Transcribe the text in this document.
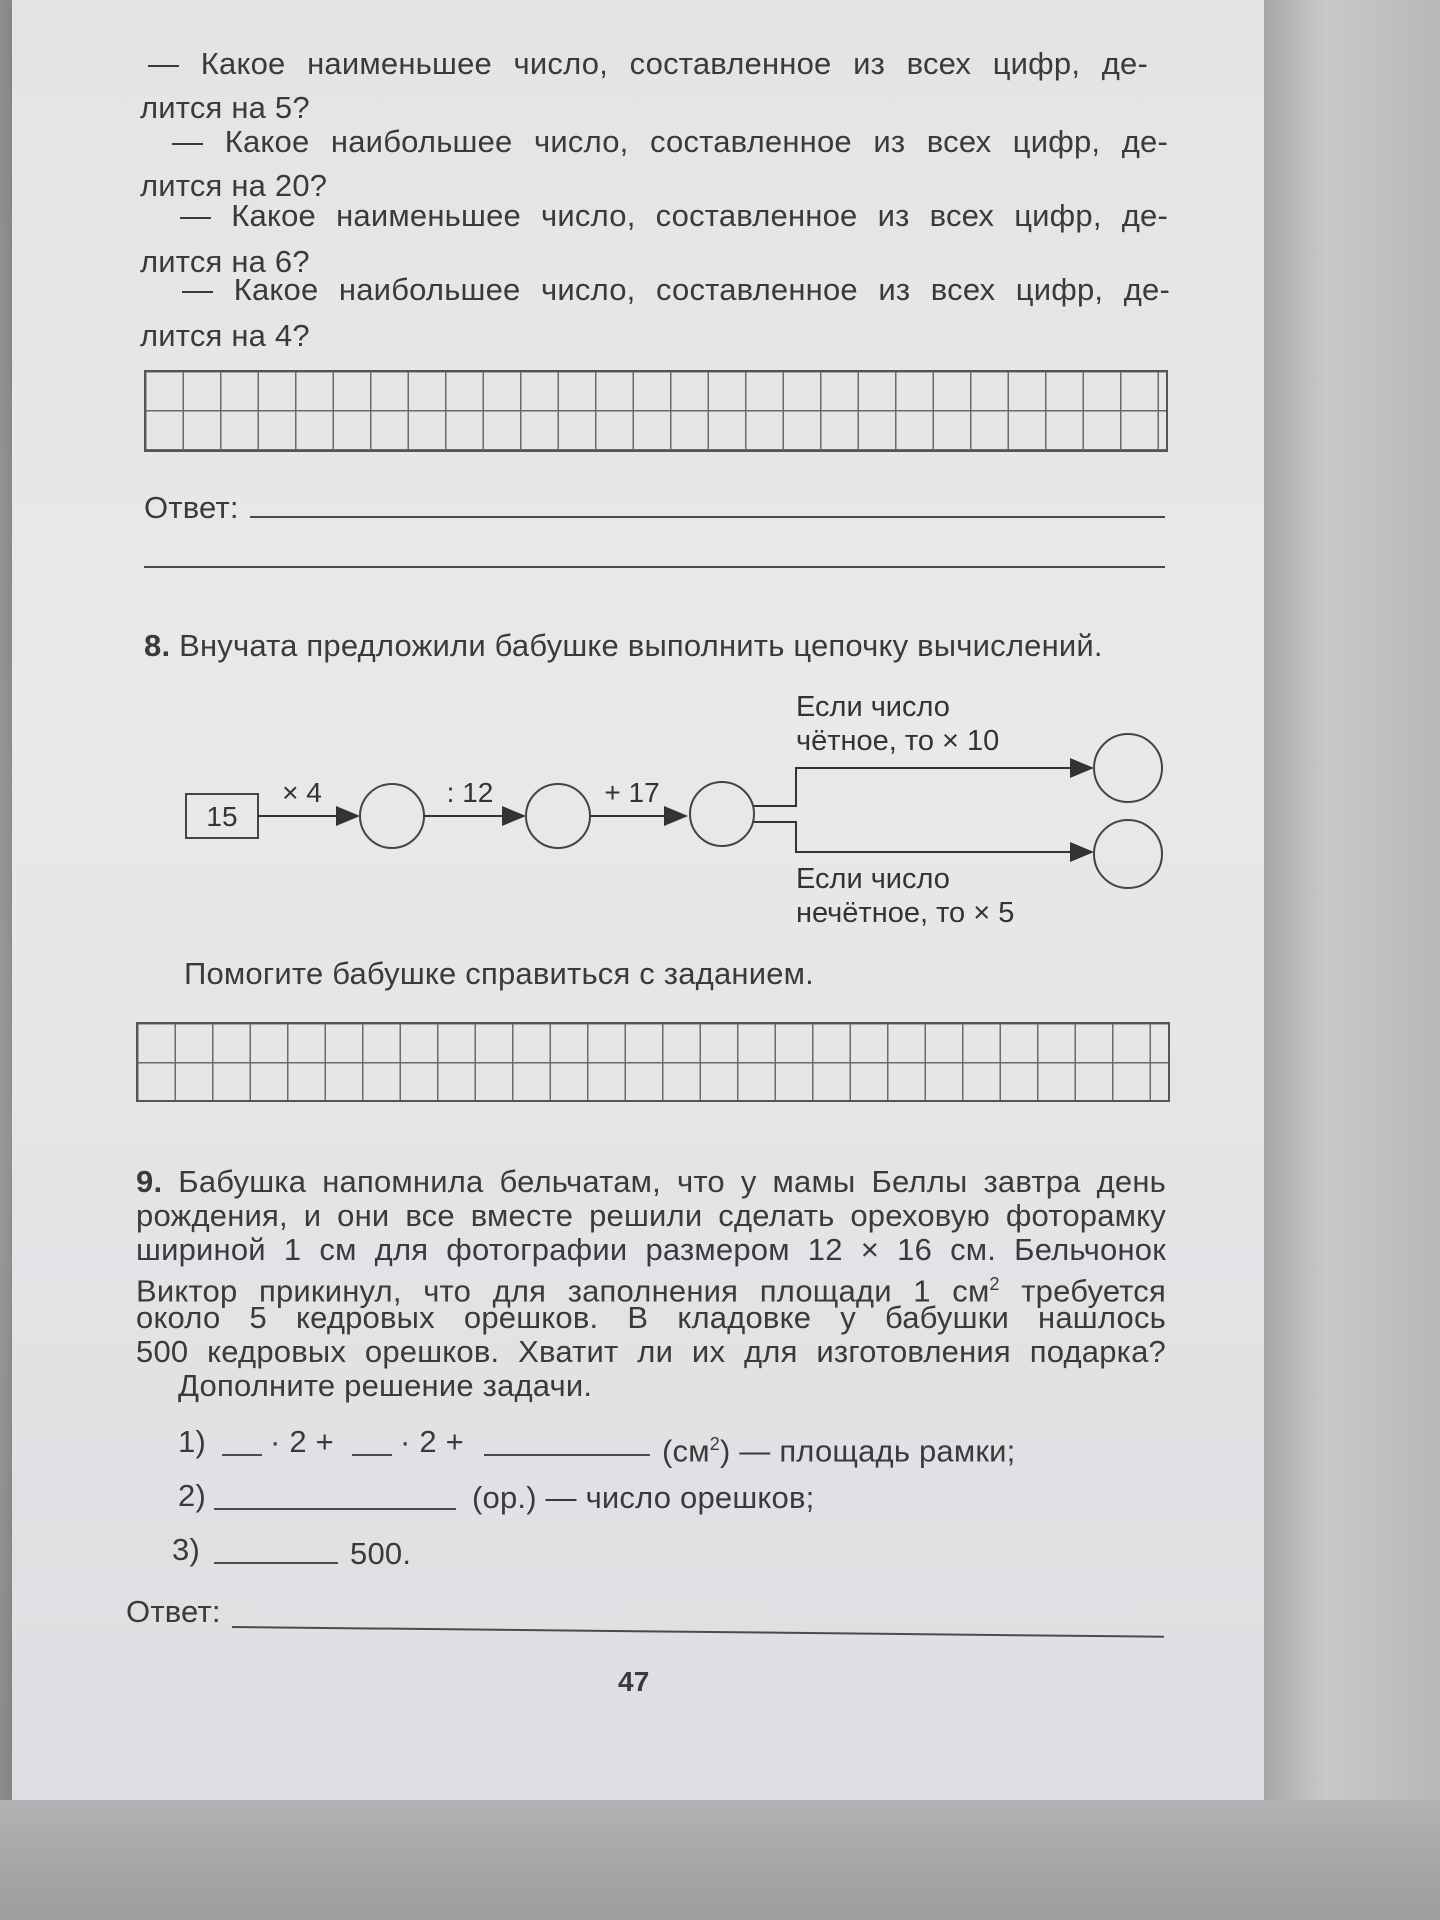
— Какое наименьшее число, составленное из всех цифр, де-
лится на 5?
— Какое наибольшее число, составленное из всех цифр, де-
лится на 20?
— Какое наименьшее число, составленное из всех цифр, де-
лится на 6?
— Какое наибольшее число, составленное из всех цифр, де-
лится на 4?
Ответ:
8. Внучата предложили бабушке выполнить цепочку вычислений.
15
× 4	: 12	+ 17
Если число
чётное, то × 10
Если число
нечётное, то × 5
Помогите бабушке справиться с заданием.
9. Бабушка напомнила бельчатам, что у мамы Беллы завтра день
рождения, и они все вместе решили сделать ореховую фоторамку
шириной 1 см для фотографии размером 12 × 16 см. Бельчонок
Виктор прикинул, что для заполнения площади 1 $см^2$ требуется
около 5 кедровых орешков. В кладовке у бабушки нашлось
500 кедровых орешков. Хватит ли их для изготовления подарка?
Дополните решение задачи.
1) · 2 + · 2 +	$(см^2)$ — площадь рамки;
2)	(ор.) — число орешков;
3)	500.
Ответ:
47
